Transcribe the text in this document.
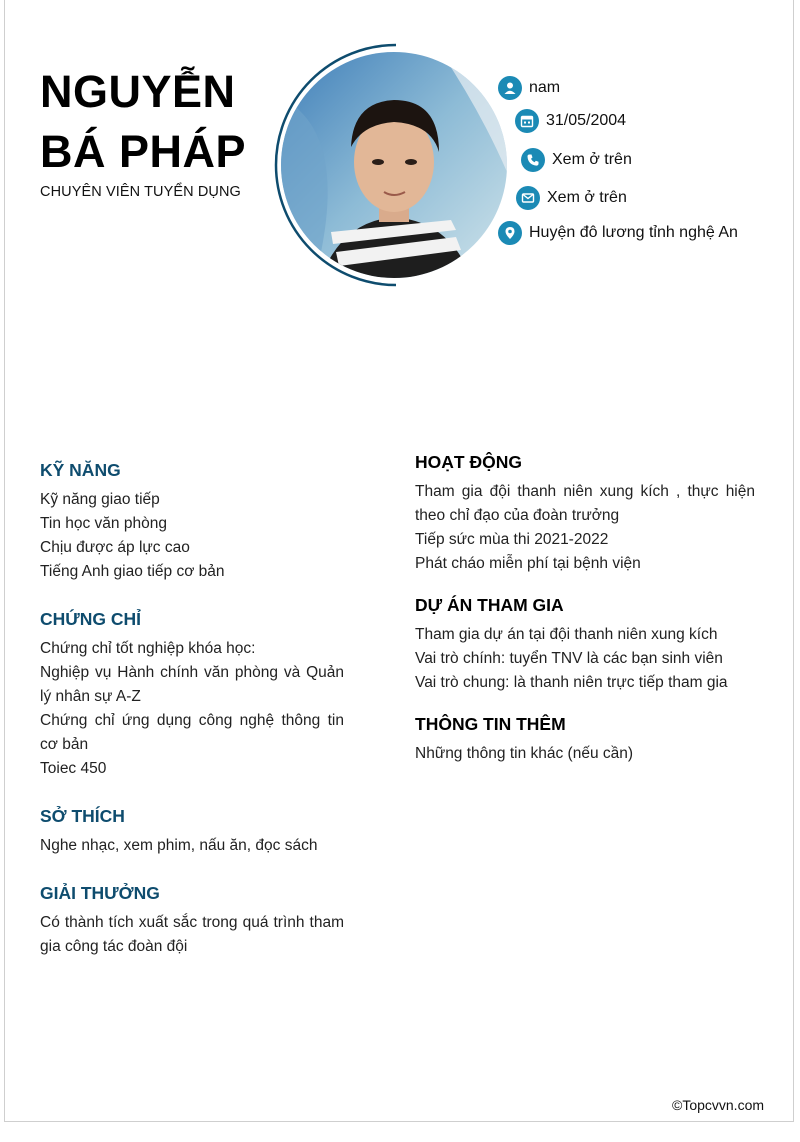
NGUYỄN
BÁ PHÁP
CHUYÊN VIÊN TUYỂN DỤNG
nam
31/05/2004
Xem ở trên
Xem ở trên
Huyện đô lương tỉnh nghệ An
KỸ NĂNG
Kỹ năng giao tiếp
Tin học văn phòng
Chịu được áp lực cao
Tiếng Anh giao tiếp cơ bản
CHỨNG CHỈ
Chứng chỉ tốt nghiệp khóa học:
Nghiệp vụ Hành chính văn phòng và Quản lý nhân sự A-Z
Chứng chỉ ứng dụng công nghệ thông tin cơ bản
Toiec 450
SỞ THÍCH
Nghe nhạc, xem phim, nấu ăn, đọc sách
GIẢI THƯỞNG
Có thành tích xuất sắc trong quá trình tham gia công tác đoàn đội
HOẠT ĐỘNG
Tham gia đội thanh niên xung kích , thực hiện theo chỉ đạo của đoàn trưởng
Tiếp sức mùa thi 2021-2022
Phát cháo miễn phí tại bệnh viện
DỰ ÁN THAM GIA
Tham gia dự án tại đội thanh niên xung kích
Vai trò chính: tuyển TNV là các bạn sinh viên
Vai trò chung: là thanh niên trực tiếp tham gia
THÔNG TIN THÊM
Những thông tin khác (nếu cần)
©Topcvvn.com
